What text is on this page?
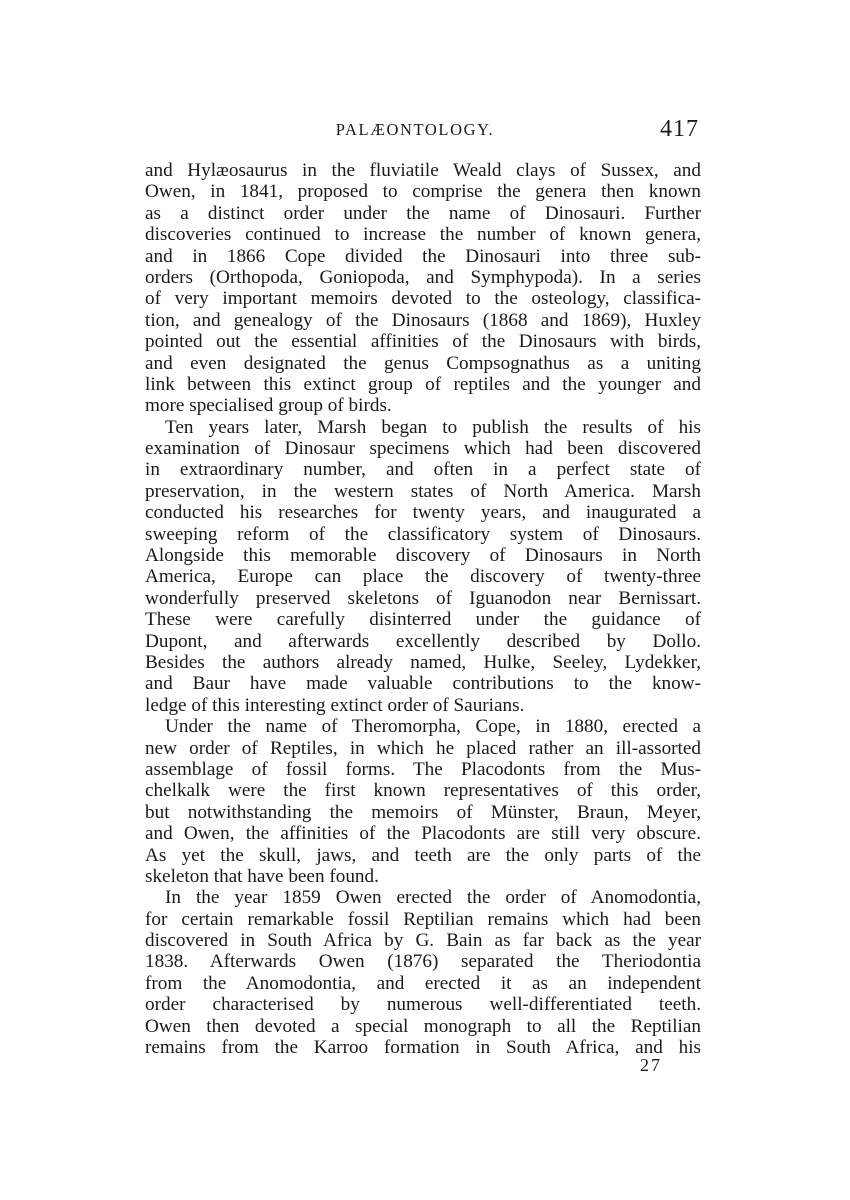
PALÆONTOLOGY.	417
and Hylæosaurus in the fluviatile Weald clays of Sussex, and
Owen, in 1841, proposed to comprise the genera then known
as a distinct order under the name of Dinosauri. Further
discoveries continued to increase the number of known genera,
and in 1866 Cope divided the Dinosauri into three sub-
orders (Orthopoda, Goniopoda, and Symphypoda). In a series
of very important memoirs devoted to the osteology, classifica-
tion, and genealogy of the Dinosaurs (1868 and 1869), Huxley
pointed out the essential affinities of the Dinosaurs with birds,
and even designated the genus Compsognathus as a uniting
link between this extinct group of reptiles and the younger and
more specialised group of birds.
Ten years later, Marsh began to publish the results of his
examination of Dinosaur specimens which had been discovered
in extraordinary number, and often in a perfect state of
preservation, in the western states of North America. Marsh
conducted his researches for twenty years, and inaugurated a
sweeping reform of the classificatory system of Dinosaurs.
Alongside this memorable discovery of Dinosaurs in North
America, Europe can place the discovery of twenty-three
wonderfully preserved skeletons of Iguanodon near Bernissart.
These were carefully disinterred under the guidance of
Dupont, and afterwards excellently described by Dollo.
Besides the authors already named, Hulke, Seeley, Lydekker,
and Baur have made valuable contributions to the know-
ledge of this interesting extinct order of Saurians.
Under the name of Theromorpha, Cope, in 1880, erected a
new order of Reptiles, in which he placed rather an ill-assorted
assemblage of fossil forms. The Placodonts from the Mus-
chelkalk were the first known representatives of this order,
but notwithstanding the memoirs of Münster, Braun, Meyer,
and Owen, the affinities of the Placodonts are still very obscure.
As yet the skull, jaws, and teeth are the only parts of the
skeleton that have been found.
In the year 1859 Owen erected the order of Anomodontia,
for certain remarkable fossil Reptilian remains which had been
discovered in South Africa by G. Bain as far back as the year
1838. Afterwards Owen (1876) separated the Theriodontia
from the Anomodontia, and erected it as an independent
order characterised by numerous well-differentiated teeth.
Owen then devoted a special monograph to all the Reptilian
remains from the Karroo formation in South Africa, and his
27
